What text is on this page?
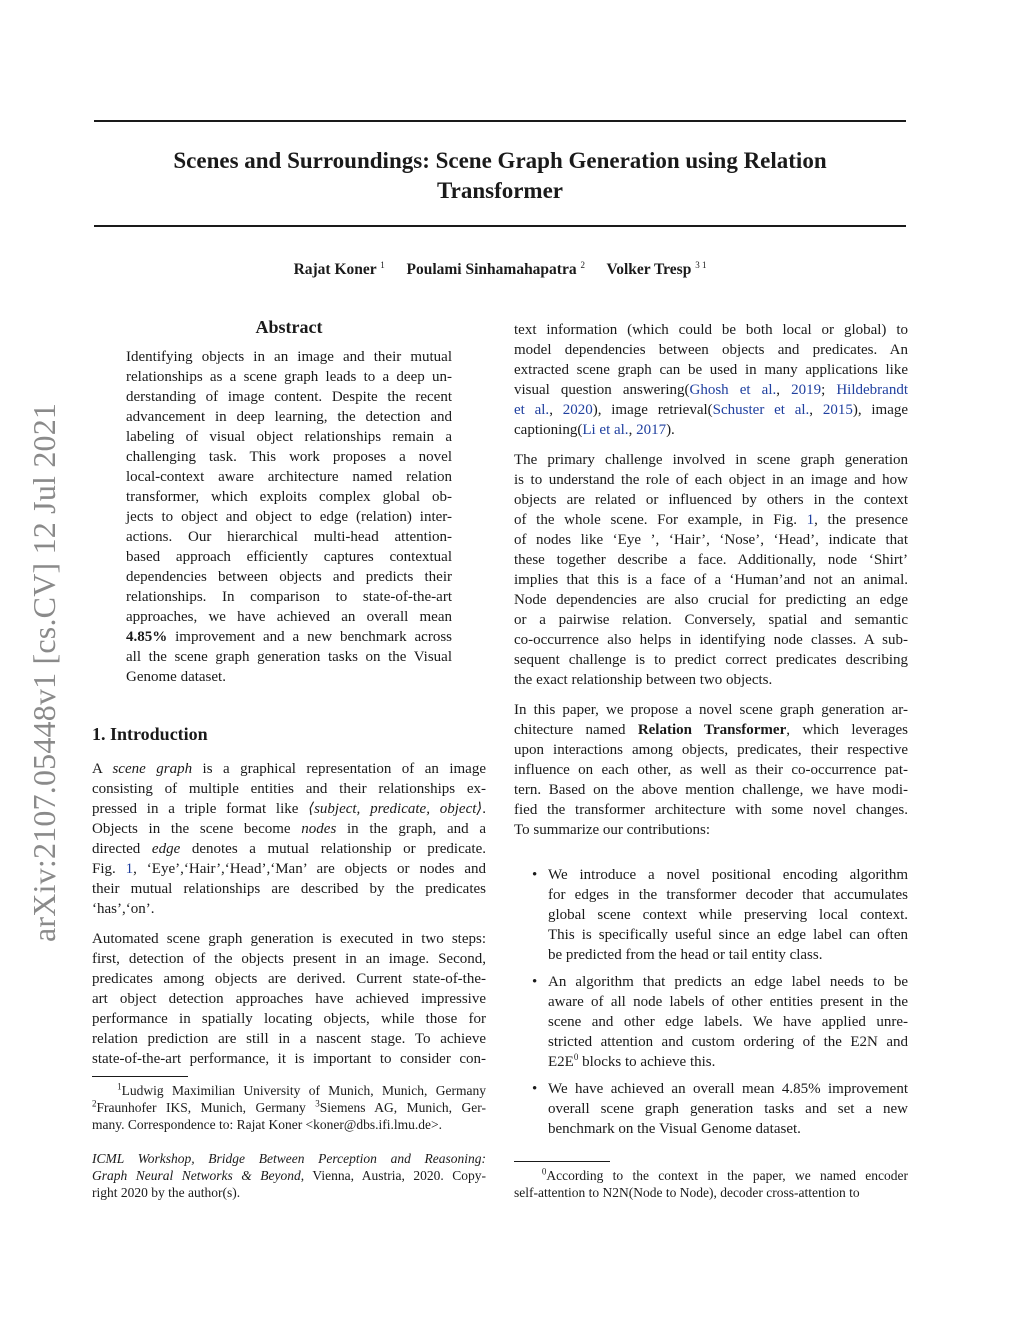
arXiv:2107.05448v1 [cs.CV] 12 Jul 2021
Scenes and Surroundings: Scene Graph Generation using Relation
Transformer
Rajat Koner $^1$ Poulami Sinhamahapatra $^2$ Volker Tresp $^{3 1}$
Abstract
Identifying objects in an image and their mutual
relationships as a scene graph leads to a deep un-
derstanding of image content. Despite the recent
advancement in deep learning, the detection and
labeling of visual object relationships remain a
challenging task. This work proposes a novel
local-context aware architecture named relation
transformer, which exploits complex global ob-
jects to object and object to edge (relation) inter-
actions. Our hierarchical multi-head attention-
based approach efficiently captures contextual
dependencies between objects and predicts their
relationships. In comparison to state-of-the-art
approaches, we have achieved an overall mean
4.85% improvement and a new benchmark across
all the scene graph generation tasks on the Visual
Genome dataset.
1. Introduction
A scene graph is a graphical representation of an image
consisting of multiple entities and their relationships ex-
pressed in a triple format like ⟨subject, predicate, object⟩.
Objects in the scene become nodes in the graph, and a
directed edge denotes a mutual relationship or predicate.
Fig. 1, ‘Eye’,‘Hair’,‘Head’,‘Man’ are objects or nodes and
their mutual relationships are described by the predicates
‘has’,‘on’.
Automated scene graph generation is executed in two steps:
first, detection of the objects present in an image. Second,
predicates among objects are derived. Current state-of-the-
art object detection approaches have achieved impressive
performance in spatially locating objects, while those for
relation prediction are still in a nascent stage. To achieve
state-of-the-art performance, it is important to consider con-
$^1$Ludwig Maximilian University of Munich, Munich, Germany
$^2$Fraunhofer IKS, Munich, Germany $^3$Siemens AG, Munich, Ger-
many. Correspondence to: Rajat Koner <koner@dbs.ifi.lmu.de>.
ICML Workshop, Bridge Between Perception and Reasoning:
Graph Neural Networks & Beyond, Vienna, Austria, 2020. Copy-
right 2020 by the author(s).
text information (which could be both local or global) to
model dependencies between objects and predicates. An
extracted scene graph can be used in many applications like
visual question answering(Ghosh et al., 2019; Hildebrandt
et al., 2020), image retrieval(Schuster et al., 2015), image
captioning(Li et al., 2017).
The primary challenge involved in scene graph generation
is to understand the role of each object in an image and how
objects are related or influenced by others in the context
of the whole scene. For example, in Fig. 1, the presence
of nodes like ‘Eye ’, ‘Hair’, ‘Nose’, ‘Head’, indicate that
these together describe a face. Additionally, node ‘Shirt’
implies that this is a face of a ‘Human’and not an animal.
Node dependencies are also crucial for predicting an edge
or a pairwise relation. Conversely, spatial and semantic
co-occurrence also helps in identifying node classes. A sub-
sequent challenge is to predict correct predicates describing
the exact relationship between two objects.
In this paper, we propose a novel scene graph generation ar-
chitecture named Relation Transformer, which leverages
upon interactions among objects, predicates, their respective
influence on each other, as well as their co-occurrence pat-
tern. Based on the above mention challenge, we have modi-
fied the transformer architecture with some novel changes.
To summarize our contributions:
• We introduce a novel positional encoding algorithm
for edges in the transformer decoder that accumulates
global scene context while preserving local context.
This is specifically useful since an edge label can often
be predicted from the head or tail entity class.
• An algorithm that predicts an edge label needs to be
aware of all node labels of other entities present in the
scene and other edge labels. We have applied unre-
stricted attention and custom ordering of the E2N and
$E2E^0$ blocks to achieve this.
• We have achieved an overall mean 4.85% improvement
overall scene graph generation tasks and set a new
benchmark on the Visual Genome dataset.
$^0$According to the context in the paper, we named encoder
self-attention to N2N(Node to Node), decoder cross-attention to
